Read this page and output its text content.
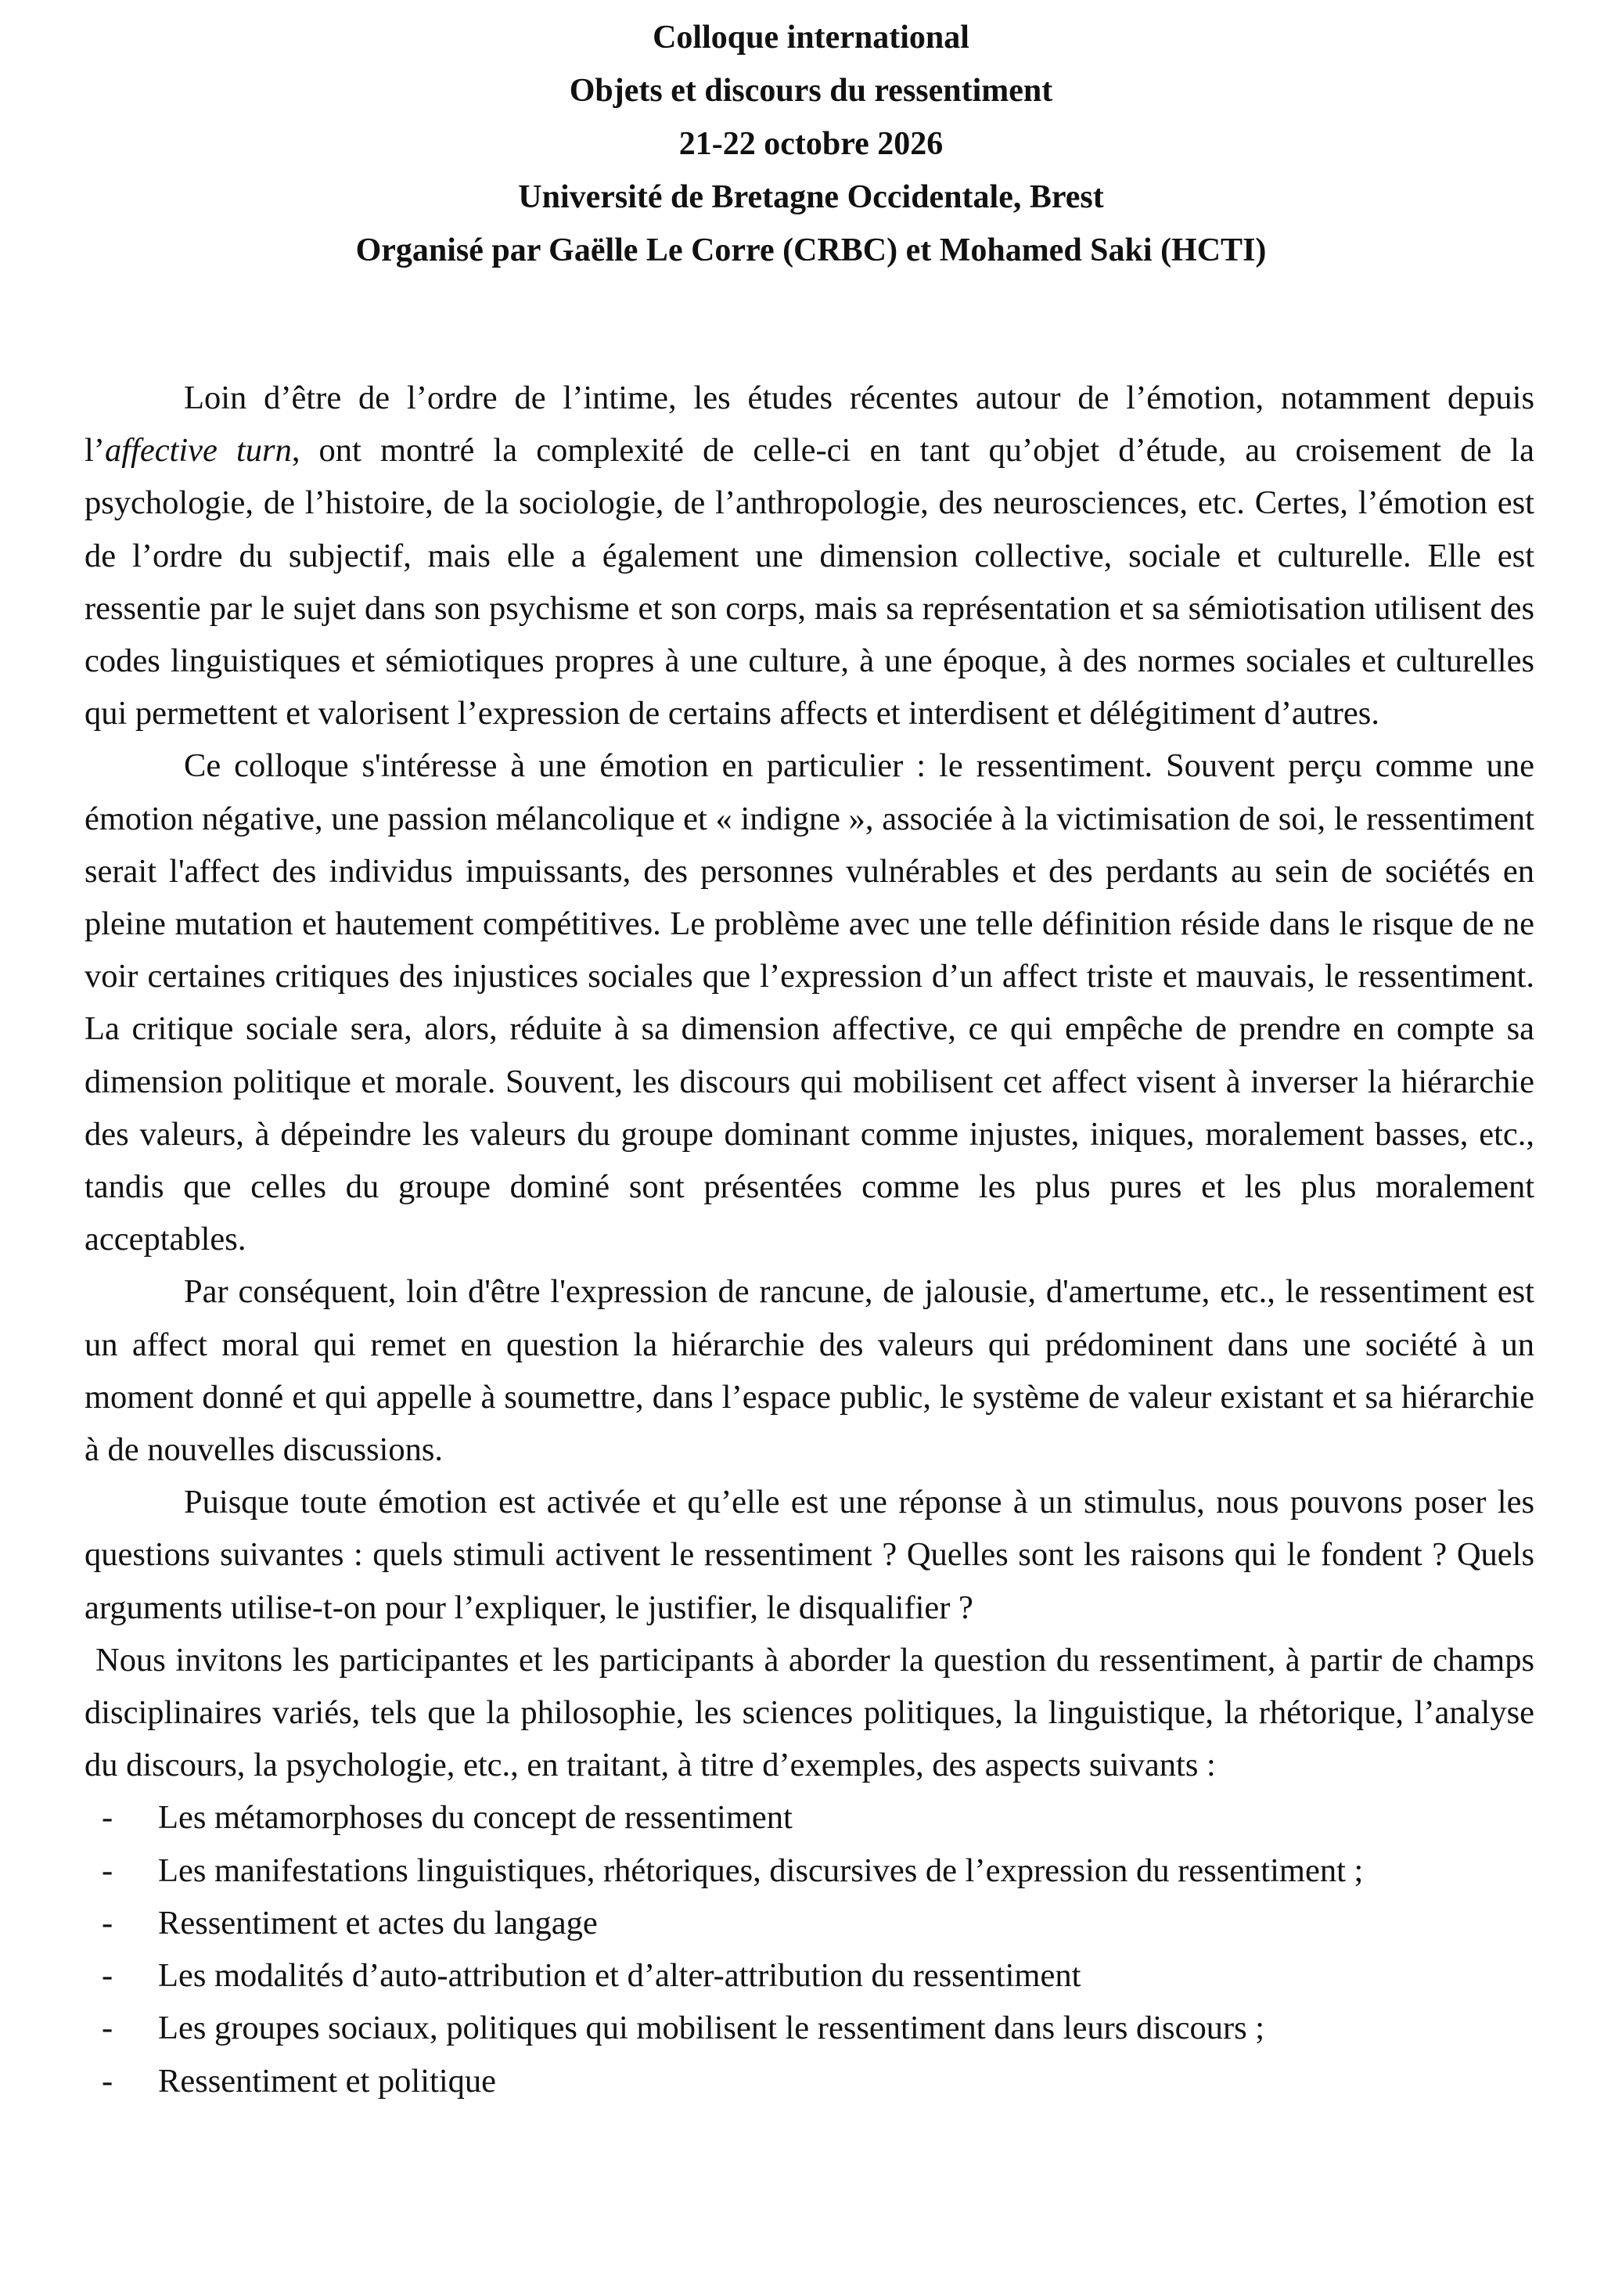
Colloque international
Objets et discours du ressentiment
21-22 octobre 2026
Université de Bretagne Occidentale, Brest
Organisé par Gaëlle Le Corre (CRBC) et Mohamed Saki (HCTI)

Loin d’être de l’ordre de l’intime, les études récentes autour de l’émotion, notamment depuis l’affective turn, ont montré la complexité de celle-ci en tant qu’objet d’étude, au croisement de la psychologie, de l’histoire, de la sociologie, de l’anthropologie, des neurosciences, etc. Certes, l’émotion est de l’ordre du subjectif, mais elle a également une dimension collective, sociale et culturelle. Elle est ressentie par le sujet dans son psychisme et son corps, mais sa représentation et sa sémiotisation utilisent des codes linguistiques et sémiotiques propres à une culture, à une époque, à des normes sociales et culturelles qui permettent et valorisent l’expression de certains affects et interdisent et délégitiment d’autres.

Ce colloque s'intéresse à une émotion en particulier : le ressentiment. Souvent perçu comme une émotion négative, une passion mélancolique et « indigne », associée à la victimisation de soi, le ressentiment serait l'affect des individus impuissants, des personnes vulnérables et des perdants au sein de sociétés en pleine mutation et hautement compétitives. Le problème avec une telle définition réside dans le risque de ne voir certaines critiques des injustices sociales que l’expression d’un affect triste et mauvais, le ressentiment. La critique sociale sera, alors, réduite à sa dimension affective, ce qui empêche de prendre en compte sa dimension politique et morale. Souvent, les discours qui mobilisent cet affect visent à inverser la hiérarchie des valeurs, à dépeindre les valeurs du groupe dominant comme injustes, iniques, moralement basses, etc., tandis que celles du groupe dominé sont présentées comme les plus pures et les plus moralement acceptables.

Par conséquent, loin d'être l'expression de rancune, de jalousie, d'amertume, etc., le ressentiment est un affect moral qui remet en question la hiérarchie des valeurs qui prédominent dans une société à un moment donné et qui appelle à soumettre, dans l’espace public, le système de valeur existant et sa hiérarchie à de nouvelles discussions.

Puisque toute émotion est activée et qu’elle est une réponse à un stimulus, nous pouvons poser les questions suivantes : quels stimuli activent le ressentiment ? Quelles sont les raisons qui le fondent ? Quels arguments utilise-t-on pour l’expliquer, le justifier, le disqualifier ?

Nous invitons les participantes et les participants à aborder la question du ressentiment, à partir de champs disciplinaires variés, tels que la philosophie, les sciences politiques, la linguistique, la rhétorique, l’analyse du discours, la psychologie, etc., en traitant, à titre d’exemples, des aspects suivants :

- Les métamorphoses du concept de ressentiment
- Les manifestations linguistiques, rhétoriques, discursives de l’expression du ressentiment ;
- Ressentiment et actes du langage
- Les modalités d’auto-attribution et d’alter-attribution du ressentiment
- Les groupes sociaux, politiques qui mobilisent le ressentiment dans leurs discours ;
- Ressentiment et politique
